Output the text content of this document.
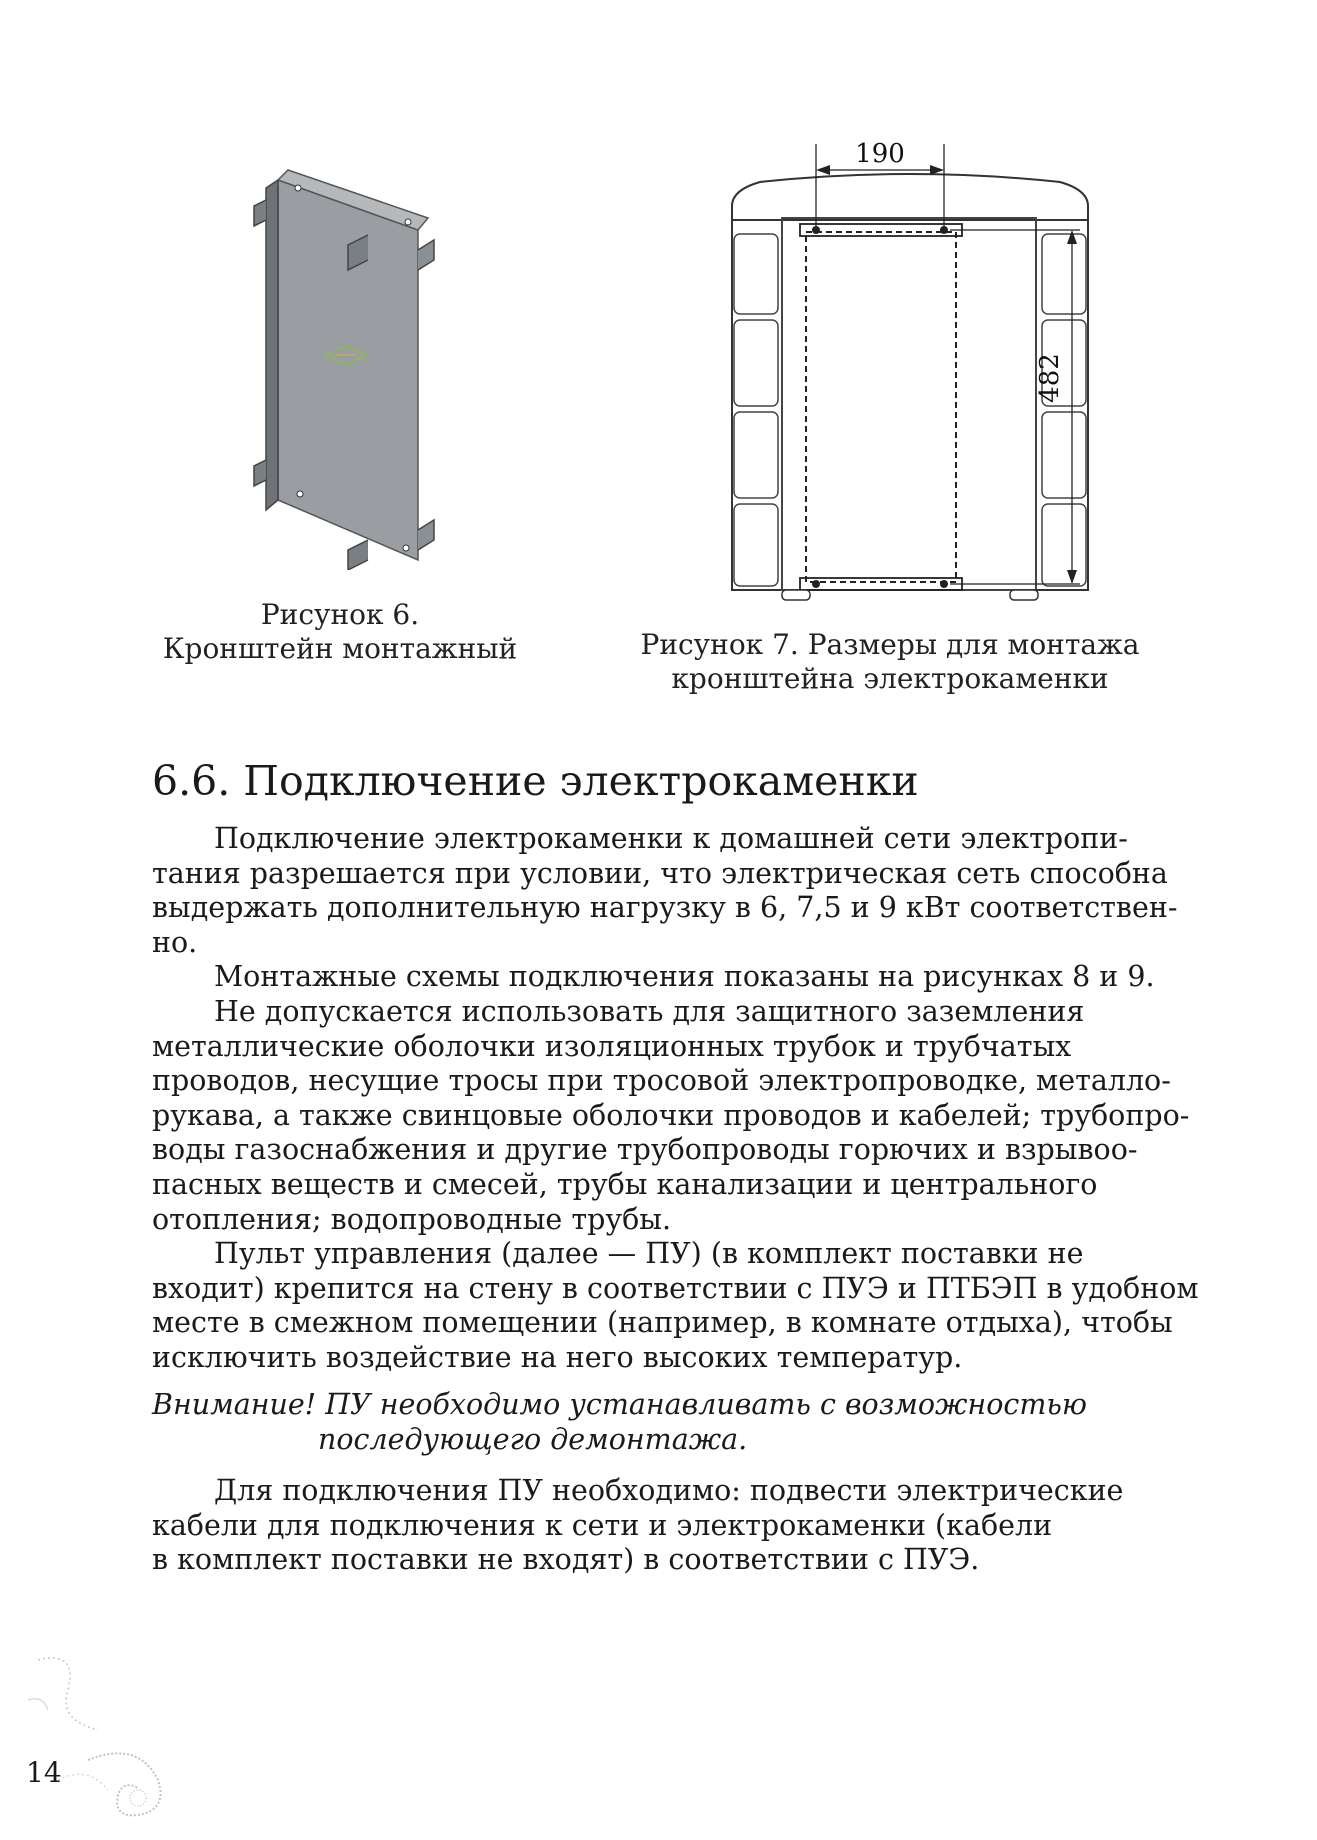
190
482
Рисунок 6.
Кронштейн монтажный	Рисунок 7. Размеры для монтажа
кронштейна электрокаменки
6.6. Подключение электрокаменки

Подключение электрокаменки к домашней сети электропи-
тания разрешается при условии, что электрическая сеть способна
выдержать дополнительную нагрузку в 6, 7,5 и 9 кВт соответствен-
но.

Монтажные схемы подключения показаны на рисунках 8 и 9.

Не допускается использовать для защитного заземления
металлические оболочки изоляционных трубок и трубчатых
проводов, несущие тросы при тросовой электропроводке, металло-
рукава, а также свинцовые оболочки проводов и кабелей; трубопро-
воды газоснабжения и другие трубопроводы горючих и взрывоо-
пасных веществ и смесей, трубы канализации и центрального
отопления; водопроводные трубы.

Пульт управления (далее — ПУ) (в комплект поставки не
входит) крепится на стену в соответствии с ПУЭ и ПТБЭП в удобном
месте в смежном помещении (например, в комнате отдыха), чтобы
исключить воздействие на него высоких температур.

Внимание! ПУ необходимо устанавливать с возможностью
последующего демонтажа.

Для подключения ПУ необходимо: подвести электрические
кабели для подключения к сети и электрокаменки (кабели
в комплект поставки не входят) в соответствии с ПУЭ.

14
